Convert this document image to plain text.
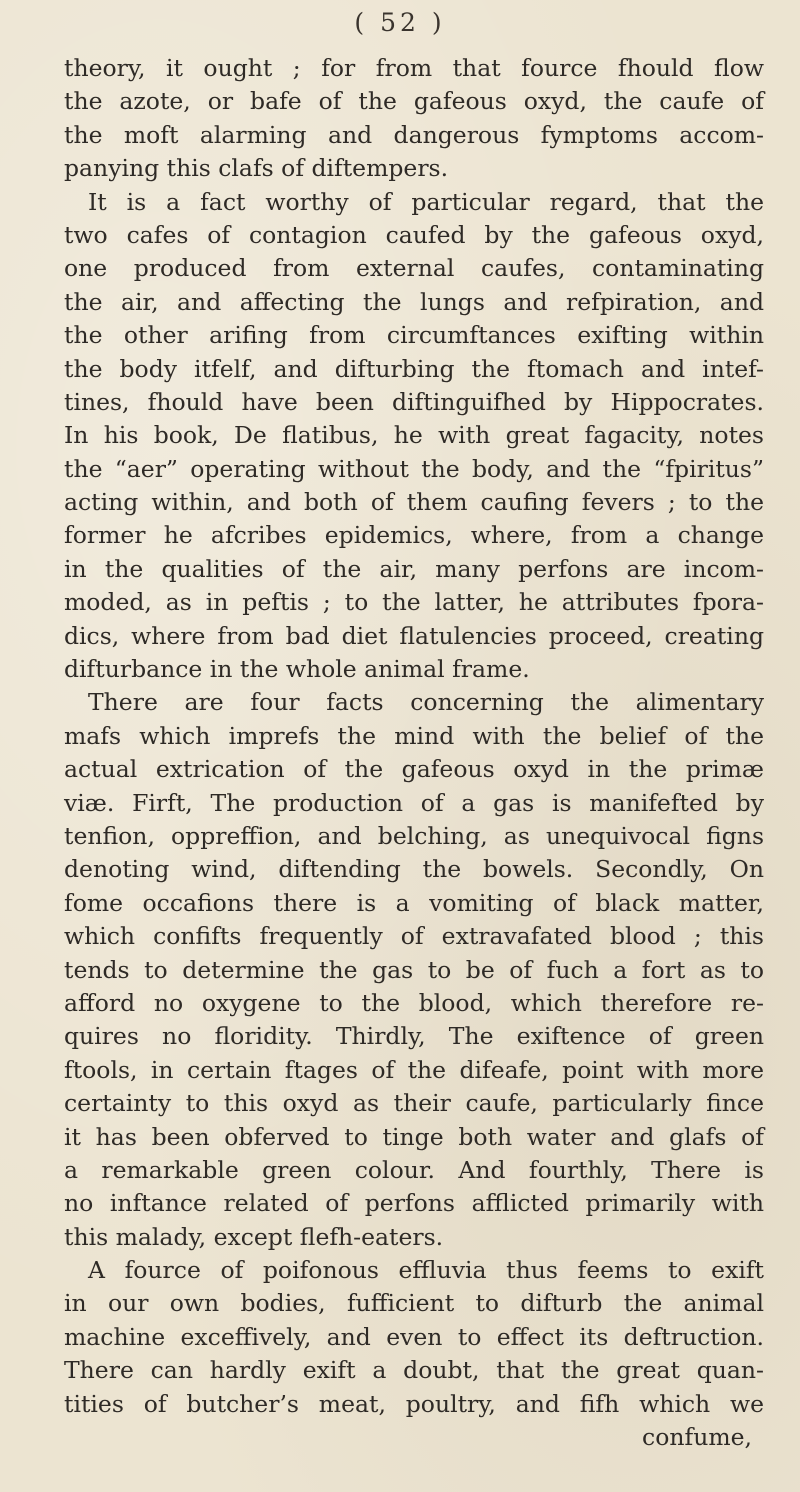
( 52 )
theory, it ought ; for from that fource fhould flow
the azote, or bafe of the gafeous oxyd, the caufe of
the moft alarming and dangerous fymptoms accom-
panying this clafs of diftempers.
It is a fact worthy of particular regard, that the
two cafes of contagion caufed by the gafeous oxyd,
one produced from external caufes, contaminating
the air, and affecting the lungs and refpiration, and
the other arifing from circumftances exifting within
the body itfelf, and difturbing the ftomach and intef-
tines, fhould have been diftinguifhed by Hippocrates.
In his book, De flatibus, he with great fagacity, notes
the “aer” operating without the body, and the “fpiritus”
acting within, and both of them caufing fevers ; to the
former he afcribes epidemics, where, from a change
in the qualities of the air, many perfons are incom-
moded, as in peftis ; to the latter, he attributes fpora-
dics, where from bad diet flatulencies proceed, creating
difturbance in the whole animal frame.
There are four facts concerning the alimentary
mafs which imprefs the mind with the belief of the
actual extrication of the gafeous oxyd in the primæ
viæ. Firft, The production of a gas is manifefted by
tenfion, oppreffion, and belching, as unequivocal figns
denoting wind, diftending the bowels. Secondly, On
fome occafions there is a vomiting of black matter,
which confifts frequently of extravafated blood ; this
tends to determine the gas to be of fuch a fort as to
afford no oxygene to the blood, which therefore re-
quires no floridity. Thirdly, The exiftence of green
ftools, in certain ftages of the difeafe, point with more
certainty to this oxyd as their caufe, particularly fince
it has been obferved to tinge both water and glafs of
a remarkable green colour. And fourthly, There is
no inftance related of perfons afflicted primarily with
this malady, except flefh-eaters.
A fource of poifonous effluvia thus feems to exift
in our own bodies, fufficient to difturb the animal
machine exceffively, and even to effect its deftruction.
There can hardly exift a doubt, that the great quan-
tities of butcher’s meat, poultry, and fifh which we
confume,
